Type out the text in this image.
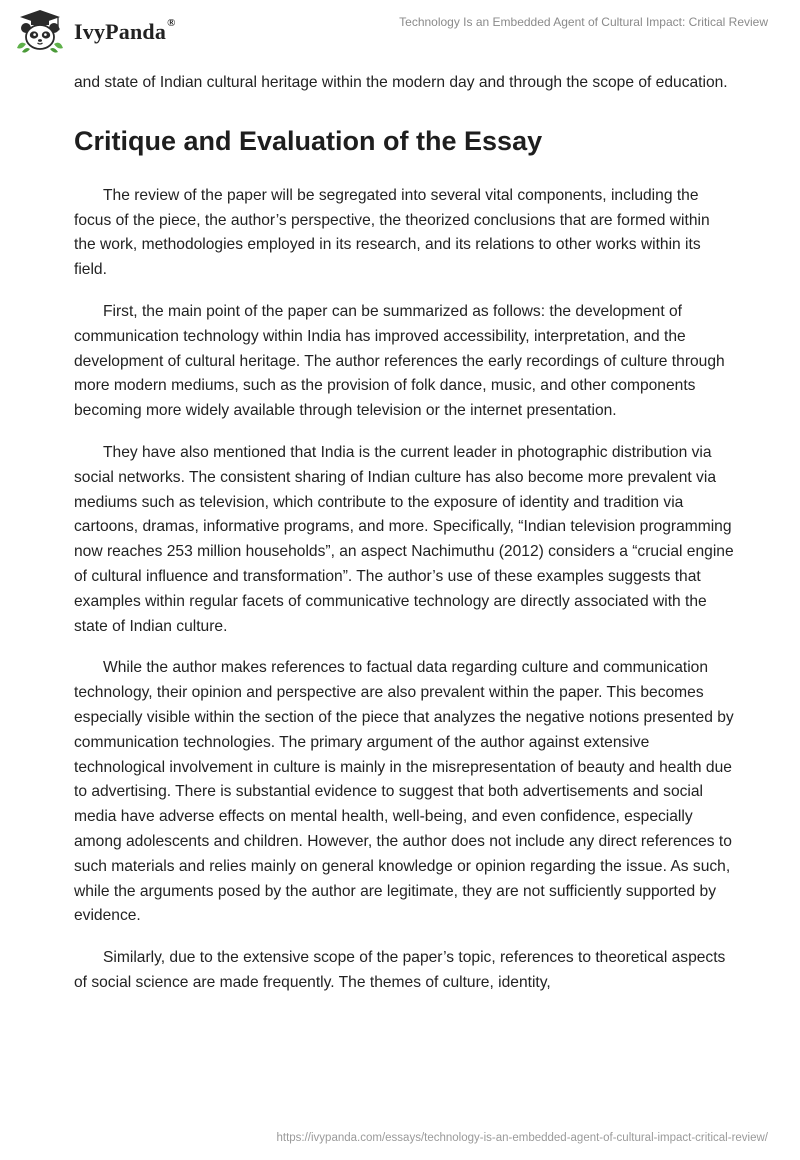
IvyPanda®	Technology Is an Embedded Agent of Cultural Impact: Critical Review

and state of Indian cultural heritage within the modern day and through the scope of education.

Critique and Evaluation of the Essay

The review of the paper will be segregated into several vital components, including the focus of the piece, the author’s perspective, the theorized conclusions that are formed within the work, methodologies employed in its research, and its relations to other works within its field.

First, the main point of the paper can be summarized as follows: the development of communication technology within India has improved accessibility, interpretation, and the development of cultural heritage. The author references the early recordings of culture through more modern mediums, such as the provision of folk dance, music, and other components becoming more widely available through television or the internet presentation.

They have also mentioned that India is the current leader in photographic distribution via social networks. The consistent sharing of Indian culture has also become more prevalent via mediums such as television, which contribute to the exposure of identity and tradition via cartoons, dramas, informative programs, and more. Specifically, “Indian television programming now reaches 253 million households”, an aspect Nachimuthu (2012) considers a “crucial engine of cultural influence and transformation”. The author’s use of these examples suggests that examples within regular facets of communicative technology are directly associated with the state of Indian culture.

While the author makes references to factual data regarding culture and communication technology, their opinion and perspective are also prevalent within the paper. This becomes especially visible within the section of the piece that analyzes the negative notions presented by communication technologies. The primary argument of the author against extensive technological involvement in culture is mainly in the misrepresentation of beauty and health due to advertising. There is substantial evidence to suggest that both advertisements and social media have adverse effects on mental health, well-being, and even confidence, especially among adolescents and children. However, the author does not include any direct references to such materials and relies mainly on general knowledge or opinion regarding the issue. As such, while the arguments posed by the author are legitimate, they are not sufficiently supported by evidence.

Similarly, due to the extensive scope of the paper’s topic, references to theoretical aspects of social science are made frequently. The themes of culture, identity,

https://ivypanda.com/essays/technology-is-an-embedded-agent-of-cultural-impact-critical-review/
